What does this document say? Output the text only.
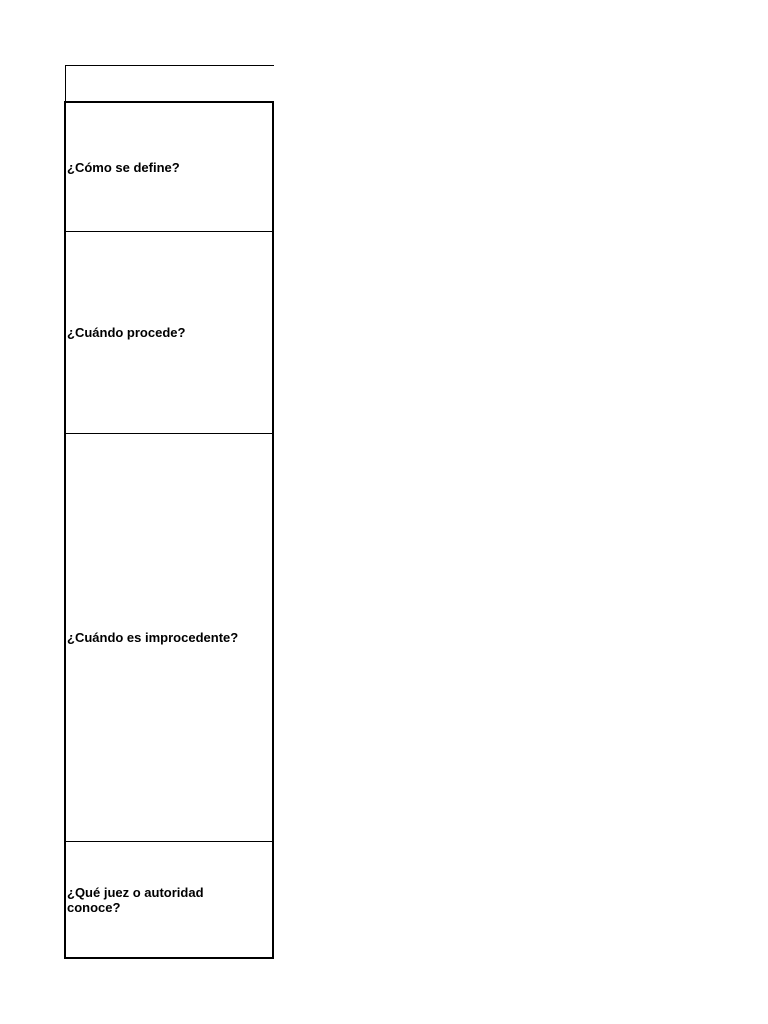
¿Cómo se define?
¿Cuándo procede?
¿Cuándo es improcedente?
¿Qué juez o autoridad conoce?
